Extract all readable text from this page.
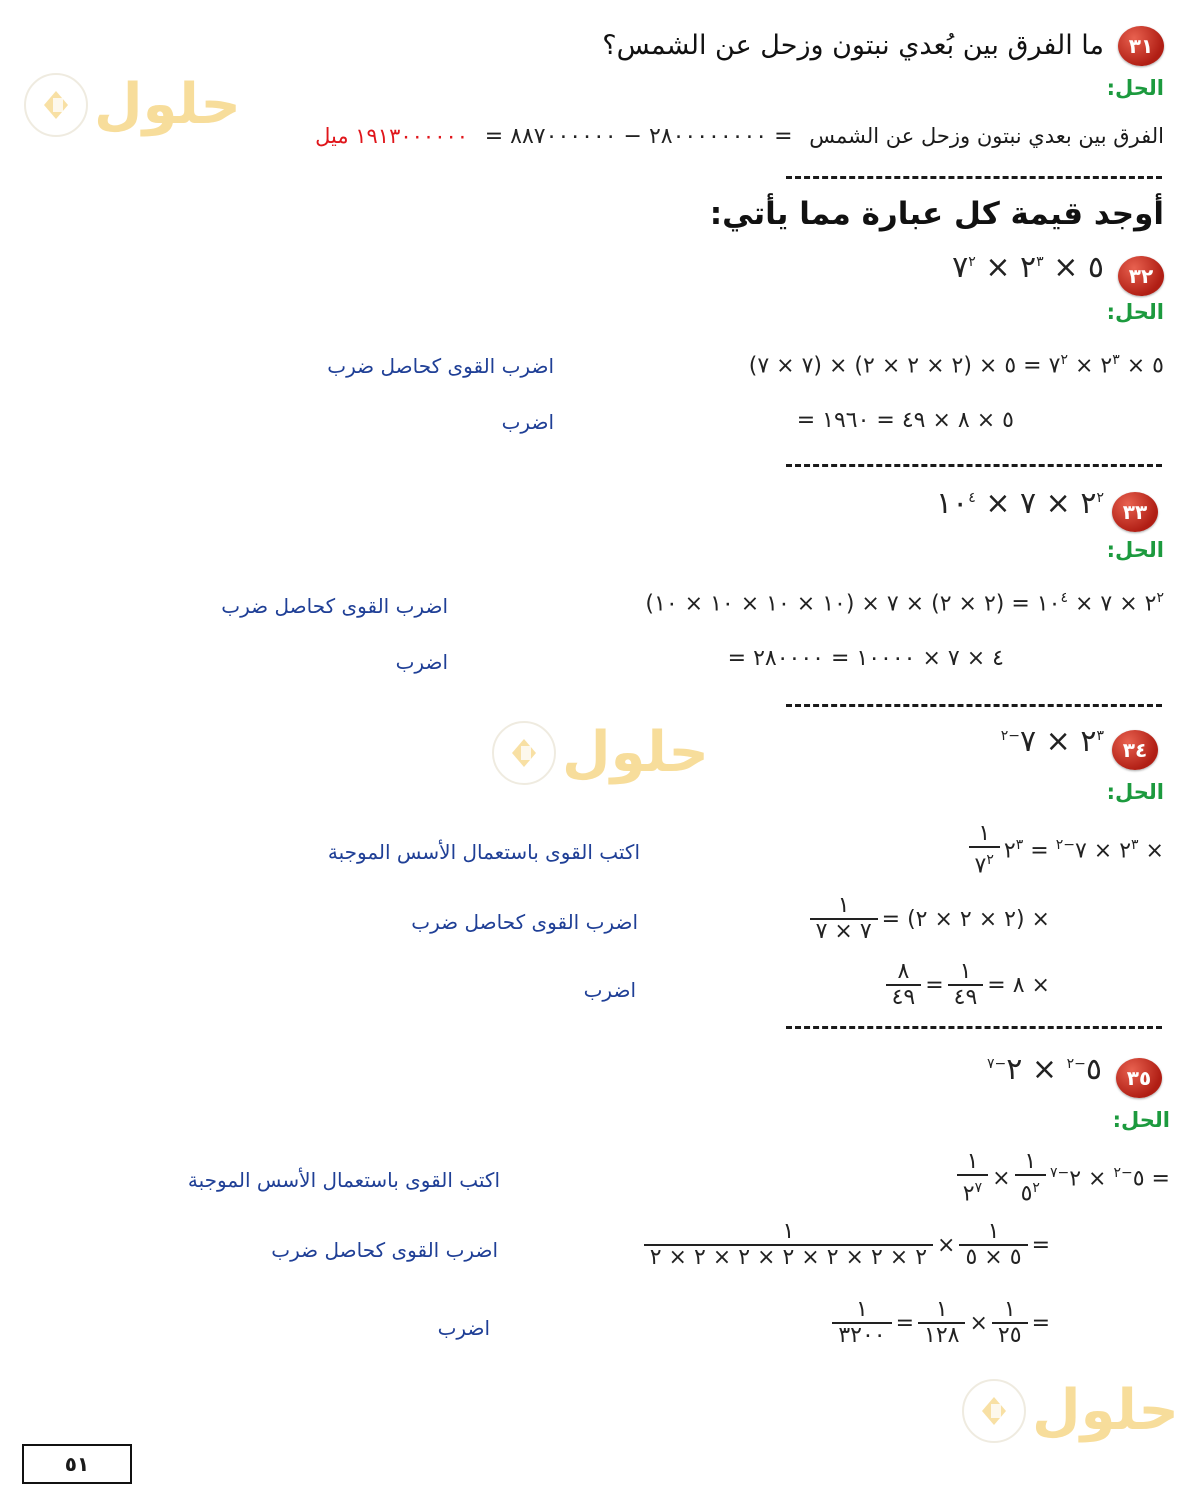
حلول
حلول
حلول
٣١
ما الفرق بين بُعدي نبتون وزحل عن الشمس؟
الحل:
الفرق بين بعدي نبتون وزحل عن الشمس = ٢٨٠٠٠٠٠٠٠٠ − ٨٨٧٠٠٠٠٠٠ = ١٩١٣٠٠٠٠٠٠ ميل
أوجد قيمة كل عبارة مما يأتي:
٣٢
٥ × $٢^٣$ × $٧^٢$
الحل:
٥ × $٢^٣$ × $٧^٢$ = ٥ × (٢ × ٢ × ٢) × (٧ × ٧)
اضرب القوى كحاصل ضرب
= ٥ × ٨ × ٤٩ = ١٩٦٠
اضرب
٣٣
$٢^٢$ × ٧ × $١٠^٤$
الحل:
$٢^٢$ × ٧ × $١٠^٤$ = (٢ × ٢) × ٧ × (١٠ × ١٠ × ١٠ × ١٠)
اضرب القوى كحاصل ضرب
= ٤ × ٧ × ١٠٠٠٠ = ٢٨٠٠٠٠
اضرب
٣٤
$٢^٣$ × $٧^{-٢}$
الحل:
$\frac{١}{٧^٢}$	$٢^٣$ × $٧^{-٢}$ = $٢^٣$	×
اكتب القوى باستعمال الأسس الموجبة
$\frac{١}{٧ \times ٧}$ = (٢ × ٢ × ٢) ×
اضرب القوى كحاصل ضرب
$\frac{٨}{٤٩} = \frac{١}{٤٩}$ = ٨ ×
اضرب
٣٥
$٥^{-٢}$ × $٢^{-٧}$
الحل:
$\frac{١}{٢^٧} \times \frac{١}{٥^٢}$	$٥^{-٢}$ × $٢^{-٧}$	=
اكتب القوى باستعمال الأسس الموجبة
$\frac{١}{٢ \times ٢ \times ٢ \times ٢ \times ٢ \times ٢ \times ٢} \times \frac{١}{٥ \times ٥}$ =
اضرب القوى كحاصل ضرب
$\frac{١}{٣٢٠٠} = \frac{١}{١٢٨} \times \frac{١}{٢٥}$ =
اضرب
٥١
